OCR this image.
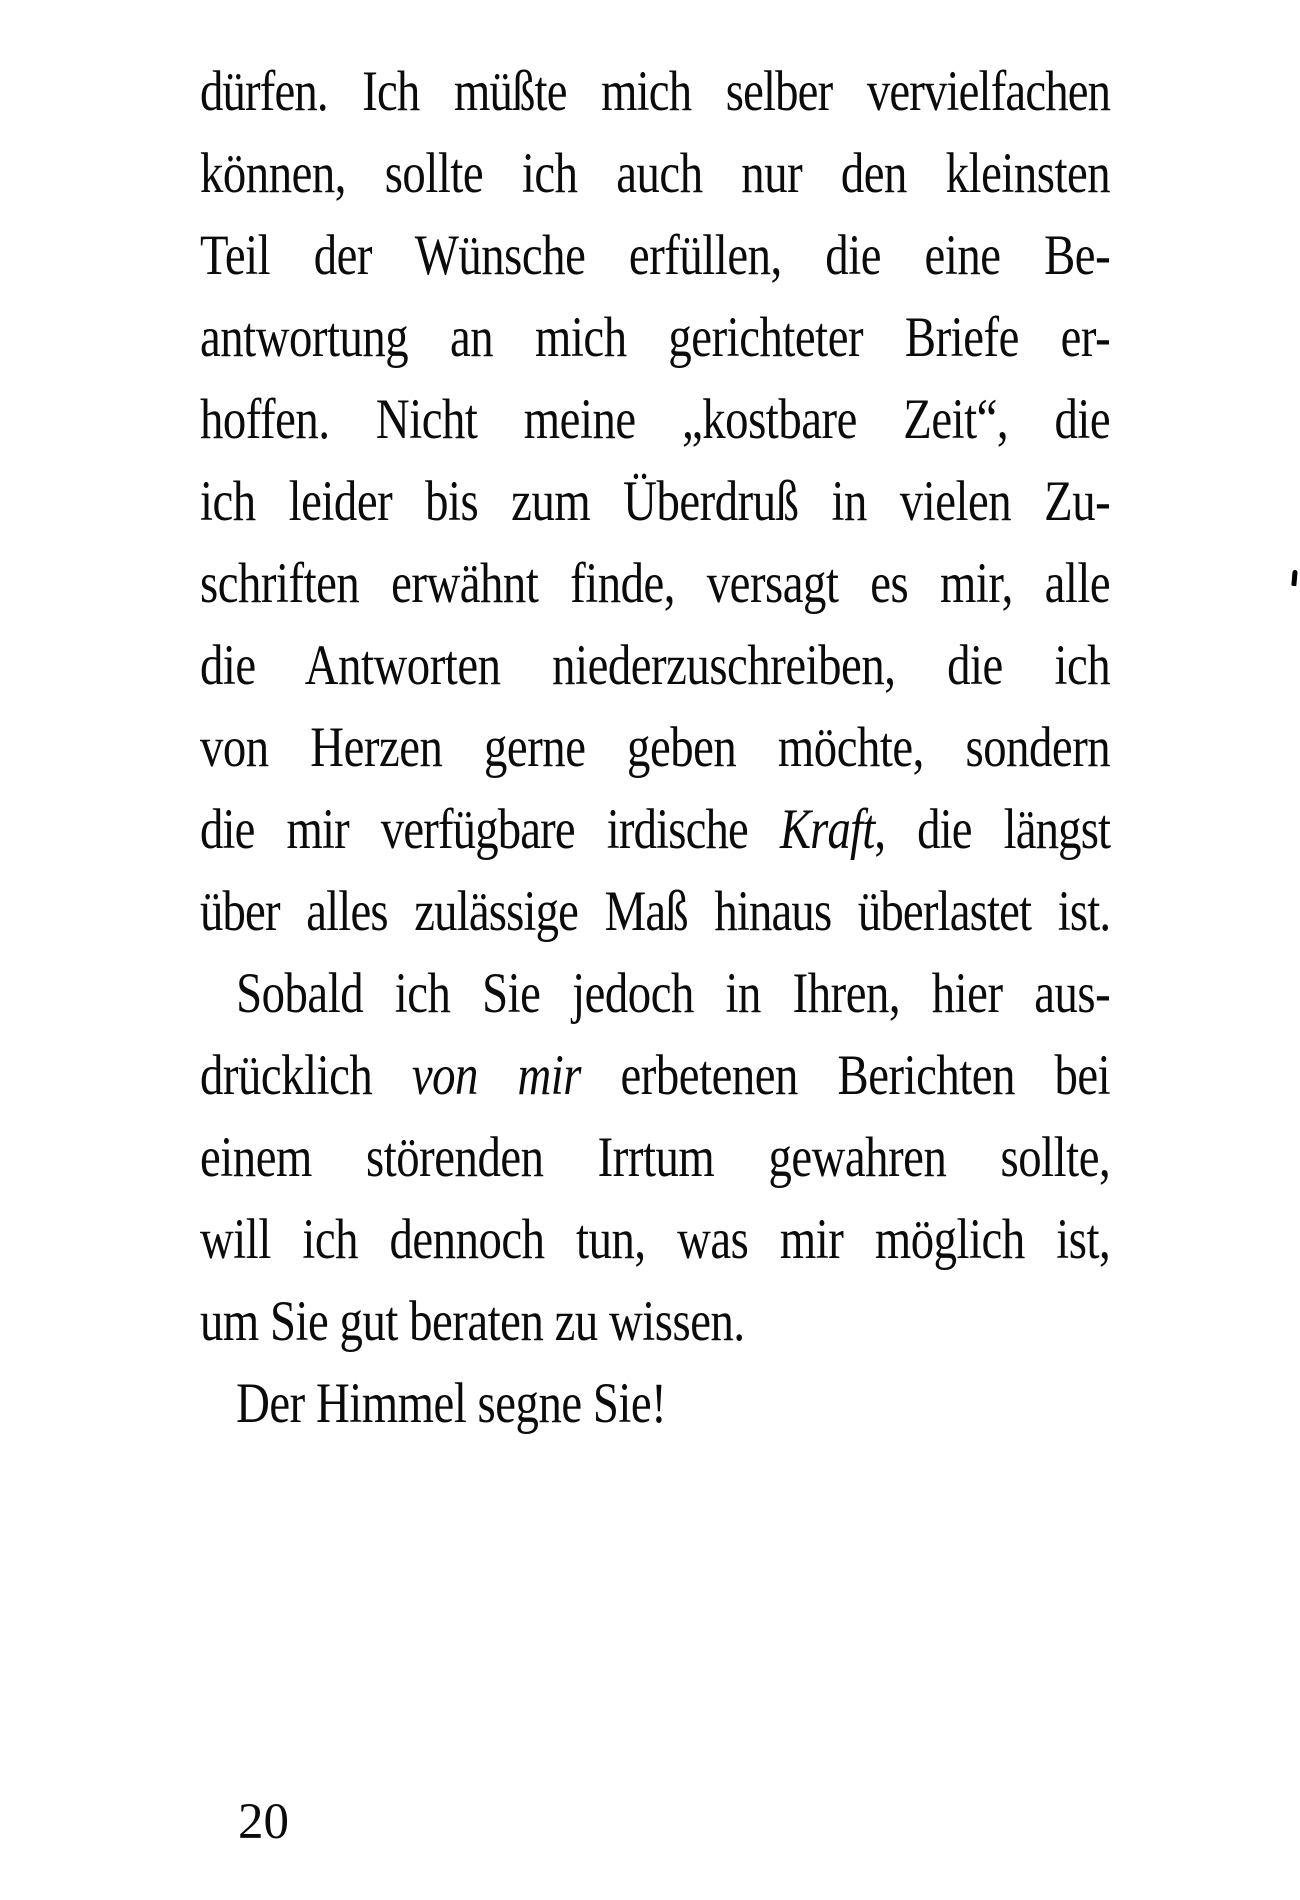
dürfen. Ich müßte mich selber vervielfachen
können, sollte ich auch nur den kleinsten
Teil der Wünsche erfüllen, die eine Be-
antwortung an mich gerichteter Briefe er-
hoffen. Nicht meine „kostbare Zeit“, die
ich leider bis zum Überdruß in vielen Zu-
schriften erwähnt finde, versagt es mir, alle
die Antworten niederzuschreiben, die ich
von Herzen gerne geben möchte, sondern
die mir verfügbare irdische Kraft, die längst
über alles zulässige Maß hinaus überlastet ist.
Sobald ich Sie jedoch in Ihren, hier aus-
drücklich von mir erbetenen Berichten bei
einem störenden Irrtum gewahren sollte,
will ich dennoch tun, was mir möglich ist,
um Sie gut beraten zu wissen.
Der Himmel segne Sie!
20
